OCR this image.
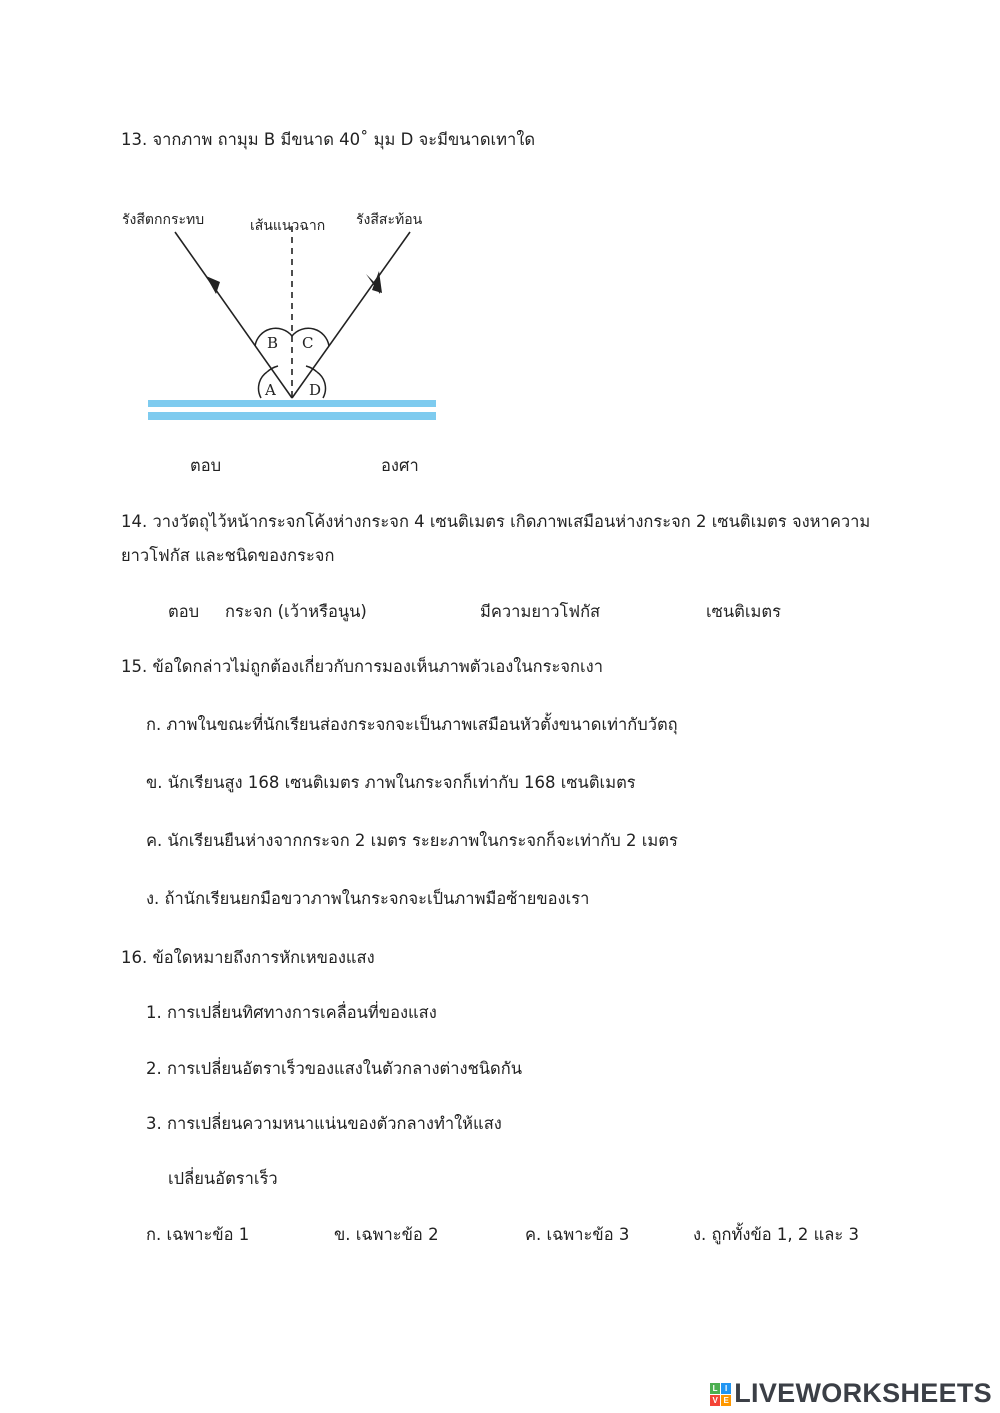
13. จากภาพ ถามุม B มีขนาด 40˚ มุม D จะมีขนาดเทาใด
เส้นแนวฉาก
รังสีตกกระทบ	รังสีสะท้อน
B C
A D
ตอบ	องศา
14. วางวัตถุไว้หน้ากระจกโค้งห่างกระจก 4 เซนติเมตร เกิดภาพเสมือนห่างกระจก 2 เซนติเมตร จงหาความ
ยาวโฟกัส และชนิดของกระจก
ตอบ กระจก (เว้าหรือนูน)	มีความยาวโฟกัส	เซนติเมตร
15. ข้อใดกล่าวไม่ถูกต้องเกี่ยวกับการมองเห็นภาพตัวเองในกระจกเงา
ก. ภาพในขณะที่นักเรียนส่องกระจกจะเป็นภาพเสมือนหัวตั้งขนาดเท่ากับวัตถุ
ข. นักเรียนสูง 168 เซนติเมตร ภาพในกระจกก็เท่ากับ 168 เซนติเมตร
ค. นักเรียนยืนห่างจากกระจก 2 เมตร ระยะภาพในกระจกก็จะเท่ากับ 2 เมตร
ง. ถ้านักเรียนยกมือขวาภาพในกระจกจะเป็นภาพมือซ้ายของเรา
16. ข้อใดหมายถึงการหักเหของแสง
1. การเปลี่ยนทิศทางการเคลื่อนที่ของแสง
2. การเปลี่ยนอัตราเร็วของแสงในตัวกลางต่างชนิดกัน
3. การเปลี่ยนความหนาแน่นของตัวกลางทำให้แสง
เปลี่ยนอัตราเร็ว
ก. เฉพาะข้อ 1	ข. เฉพาะข้อ 2	ค. เฉพาะข้อ 3	ง. ถูกทั้งข้อ 1, 2 และ 3
L I
V E LIVEWORKSHEETS
